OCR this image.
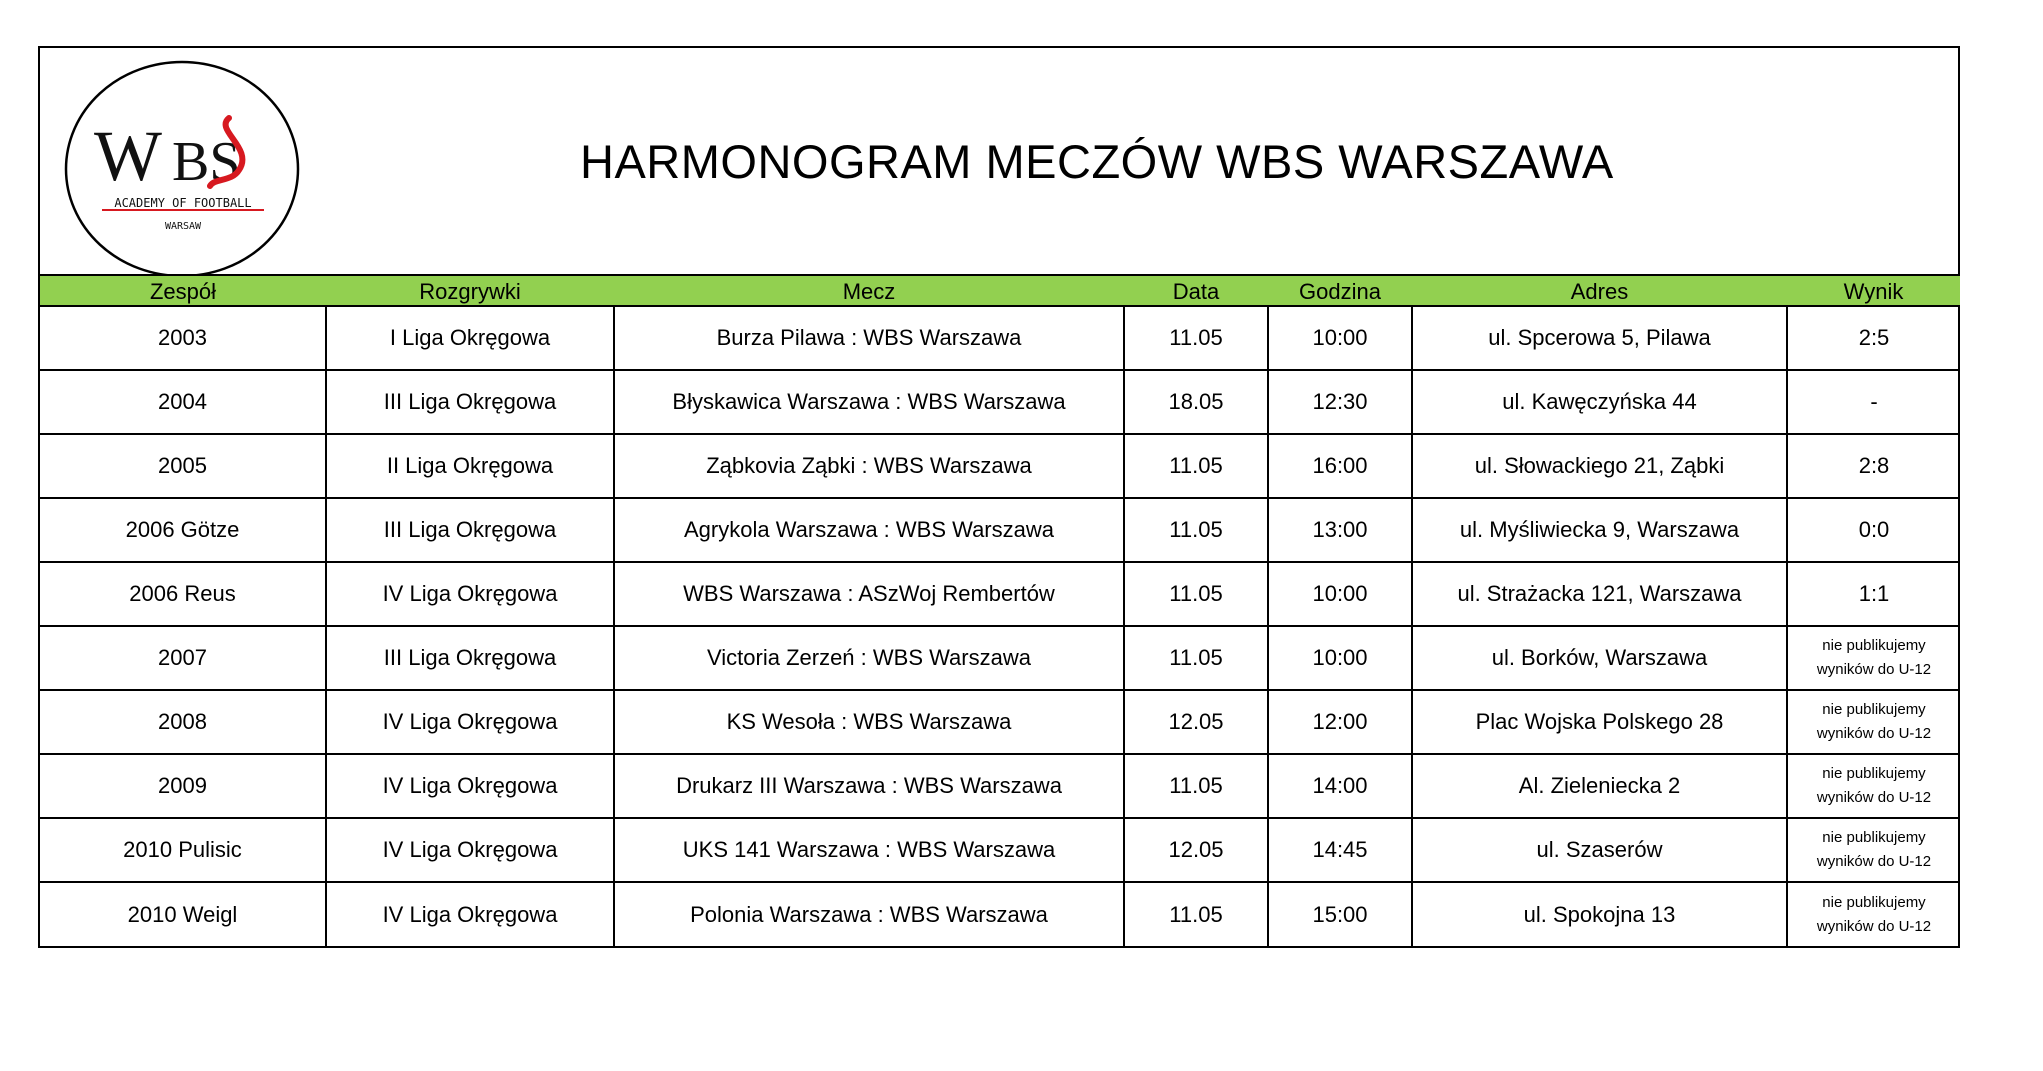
W BS
ACADEMY OF FOOTBALL
WARSAW
HARMONOGRAM MECZÓW WBS WARSZAWA
Zespół	Rozgrywki	Mecz	Data	Godzina	Adres	Wynik
2003	I Liga Okręgowa	Burza Pilawa : WBS Warszawa	11.05	10:00	ul. Spcerowa 5, Pilawa	2:5
2004	III Liga Okręgowa	Błyskawica Warszawa : WBS Warszawa	18.05	12:30	ul. Kawęczyńska 44	-
2005	II Liga Okręgowa	Ząbkovia Ząbki : WBS Warszawa	11.05	16:00	ul. Słowackiego 21, Ząbki	2:8
2006 Götze	III Liga Okręgowa	Agrykola Warszawa : WBS Warszawa	11.05	13:00	ul. Myśliwiecka 9, Warszawa	0:0
2006 Reus	IV Liga Okręgowa	WBS Warszawa : ASzWoj Rembertów	11.05	10:00	ul. Strażacka 121, Warszawa	1:1
2007	III Liga Okręgowa	Victoria Zerzeń : WBS Warszawa	11.05	10:00	ul. Borków, Warszawa	nie publikujemy wyników do U-12
2008	IV Liga Okręgowa	KS Wesoła : WBS Warszawa	12.05	12:00	Plac Wojska Polskego 28	nie publikujemy wyników do U-12
2009	IV Liga Okręgowa	Drukarz III Warszawa : WBS Warszawa	11.05	14:00	Al. Zieleniecka 2	nie publikujemy wyników do U-12
2010 Pulisic	IV Liga Okręgowa	UKS 141 Warszawa : WBS Warszawa	12.05	14:45	ul. Szaserów	nie publikujemy wyników do U-12
2010 Weigl	IV Liga Okręgowa	Polonia Warszawa : WBS Warszawa	11.05	15:00	ul. Spokojna 13	nie publikujemy wyników do U-12
